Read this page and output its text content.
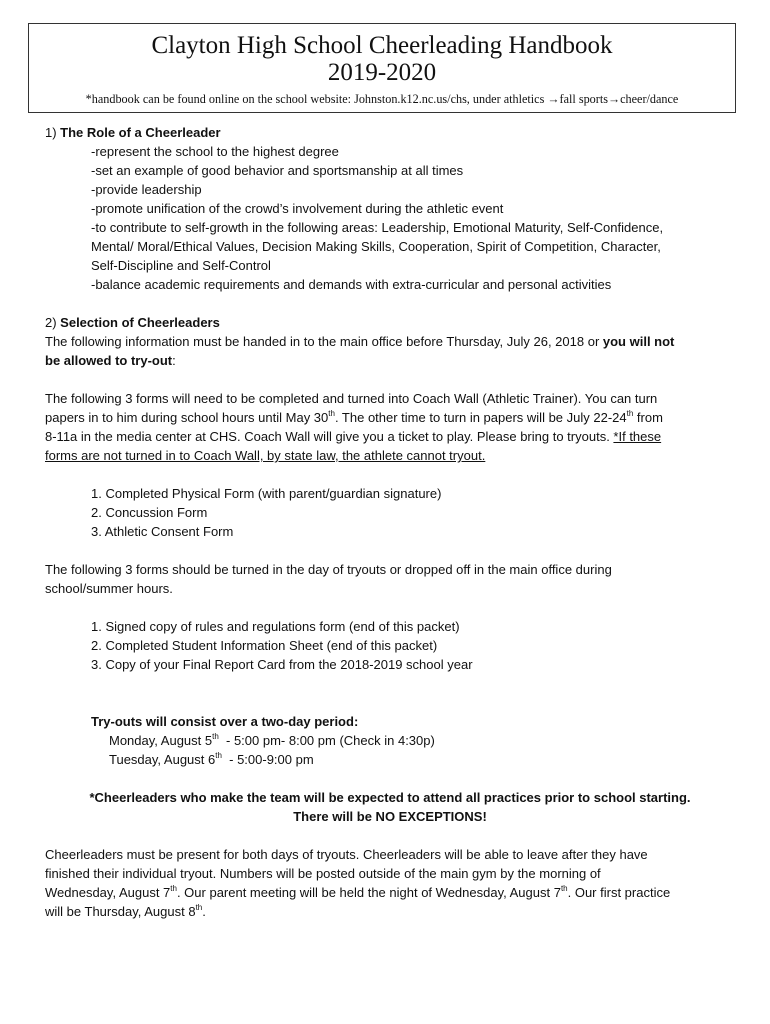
Clayton High School Cheerleading Handbook
2019-2020
*handbook can be found online on the school website: Johnston.k12.nc.us/chs, under athletics →fall sports→cheer/dance
1) The Role of a Cheerleader
-represent the school to the highest degree
-set an example of good behavior and sportsmanship at all times
-provide leadership
-promote unification of the crowd’s involvement during the athletic event
-to contribute to self-growth in the following areas: Leadership, Emotional Maturity, Self-Confidence,
Mental/ Moral/Ethical Values, Decision Making Skills, Cooperation, Spirit of Competition, Character,
Self-Discipline and Self-Control
-balance academic requirements and demands with extra-curricular and personal activities
2) Selection of Cheerleaders
The following information must be handed in to the main office before Thursday, July 26, 2018 or you will not
be allowed to try-out:
The following 3 forms will need to be completed and turned into Coach Wall (Athletic Trainer). You can turn
papers in to him during school hours until May 30th. The other time to turn in papers will be July 22-24th from
8-11a in the media center at CHS. Coach Wall will give you a ticket to play. Please bring to tryouts. *If these
forms are not turned in to Coach Wall, by state law, the athlete cannot tryout.
1. Completed Physical Form (with parent/guardian signature)
2. Concussion Form
3. Athletic Consent Form
The following 3 forms should be turned in the day of tryouts or dropped off in the main office during
school/summer hours.
1. Signed copy of rules and regulations form (end of this packet)
2. Completed Student Information Sheet (end of this packet)
3. Copy of your Final Report Card from the 2018-2019 school year
Try-outs will consist over a two-day period:
Monday, August 5th  - 5:00 pm- 8:00 pm (Check in 4:30p)
Tuesday, August 6th  - 5:00-9:00 pm
*Cheerleaders who make the team will be expected to attend all practices prior to school starting.
There will be NO EXCEPTIONS!
Cheerleaders must be present for both days of tryouts. Cheerleaders will be able to leave after they have
finished their individual tryout. Numbers will be posted outside of the main gym by the morning of
Wednesday, August 7th. Our parent meeting will be held the night of Wednesday, August 7th. Our first practice
will be Thursday, August 8th.
